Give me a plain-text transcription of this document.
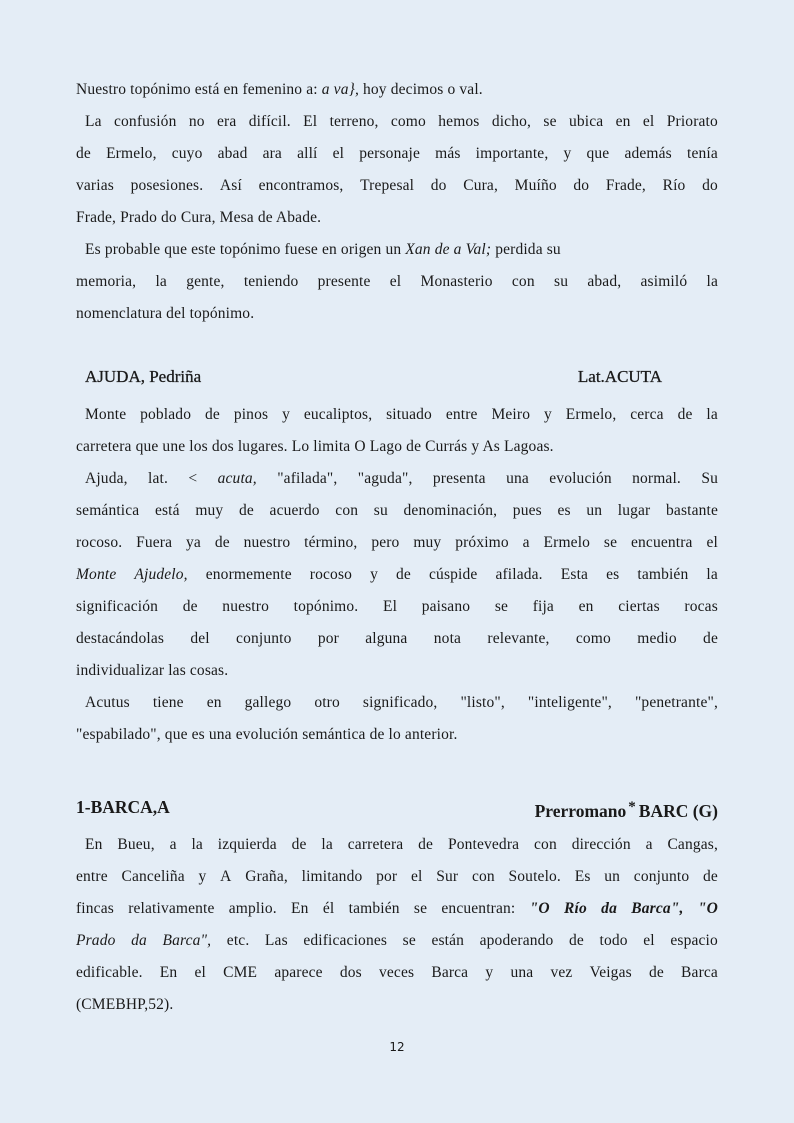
Nuestro topónimo está en femenino a: a va}, hoy decimos o val.
La confusión no era difícil. El terreno, como hemos dicho, se ubica en el Priorato
de Ermelo, cuyo abad ara allí el personaje más importante, y que además tenía
varias posesiones. Así encontramos, Trepesal do Cura, Muíño do Frade, Río do
Frade, Prado do Cura, Mesa de Abade.
Es probable que este topónimo fuese en origen un Xan de a Val; perdida su
memoria, la gente, teniendo presente el Monasterio con su abad, asimiló la
nomenclatura del topónimo.
AJUDA, Pedriña	Lat.ACUTA
Monte poblado de pinos y eucaliptos, situado entre Meiro y Ermelo, cerca de la
carretera que une los dos lugares. Lo limita O Lago de Currás y As Lagoas.
Ajuda, lat. < acuta, "afilada", "aguda", presenta una evolución normal. Su
semántica está muy de acuerdo con su denominación, pues es un lugar bastante
rocoso. Fuera ya de nuestro término, pero muy próximo a Ermelo se encuentra el
Monte Ajudelo, enormemente rocoso y de cúspide afilada. Esta es también la
significación de nuestro topónimo. El paisano se fija en ciertas rocas
destacándolas del conjunto por alguna nota relevante, como medio de
individualizar las cosas.
Acutus tiene en gallego otro significado, "listo", "inteligente", "penetrante",
"espabilado", que es una evolución semántica de lo anterior.
1-BARCA,A	Prerromano * BARC (G)
En Bueu, a la izquierda de la carretera de Pontevedra con dirección a Cangas,
entre Canceliña y A Graña, limitando por el Sur con Soutelo. Es un conjunto de
fincas relativamente amplio. En él también se encuentran: "O Río da Barca", "O
Prado da Barca", etc. Las edificaciones se están apoderando de todo el espacio
edificable. En el CME aparece dos veces Barca y una vez Veigas de Barca
(CMEBHP,52).
12
